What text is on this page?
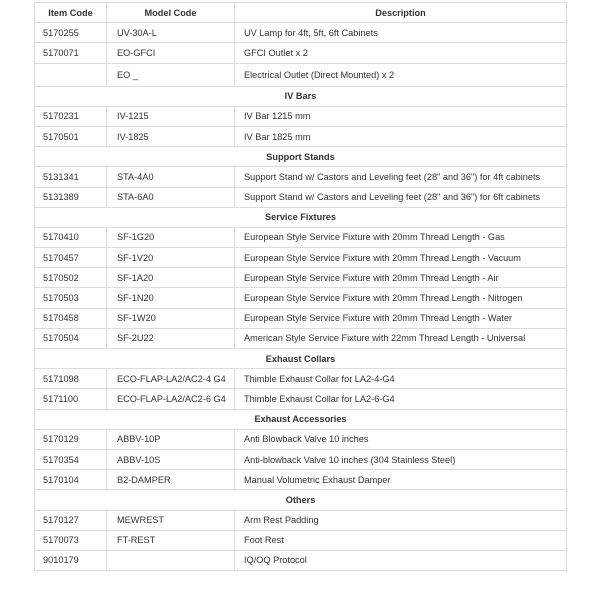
Item Code	Model Code	Description
5170255	UV-30A-L	UV Lamp for 4ft, 5ft, 6ft Cabinets
5170071	EO-GFCI	GFCI Outlet x 2
	EO _	Electrical Outlet (Direct Mounted) x 2
IV Bars		
5170231	IV-1215	IV Bar 1215 mm
5170501	IV-1825	IV Bar 1825 mm
Support Stands		
5131341	STA-4A0	Support Stand w/ Castors and Leveling feet (28" and 36") for 4ft cabinets
5131389	STA-6A0	Support Stand w/ Castors and Leveling feet (28" and 36") for 6ft cabinets
Service Fixtures		
5170410	SF-1G20	European Style Service Fixture with 20mm Thread Length - Gas
5170457	SF-1V20	European Style Service Fixture with 20mm Thread Length - Vacuum
5170502	SF-1A20	European Style Service Fixture with 20mm Thread Length - Air
5170503	SF-1N20	European Style Service Fixture with 20mm Thread Length - Nitrogen
5170458	SF-1W20	European Style Service Fixture with 20mm Thread Length - Water
5170504	SF-2U22	American Style Service Fixture with 22mm Thread Length - Universal
Exhaust Collars		
5171098	ECO-FLAP-LA2/AC2-4 G4	Thimble Exhaust Collar for LA2-4-G4
5171100	ECO-FLAP-LA2/AC2-6 G4	Thimble Exhaust Collar for LA2-6-G4
Exhaust Accessories		
5170129	ABBV-10P	Anti Blowback Valve 10 inches
5170354	ABBV-10S	Anti-blowback Valve 10 inches (304 Stainless Steel)
5170104	B2-DAMPER	Manual Volumetric Exhaust Damper
Others		
5170127	MEWREST	Arm Rest Padding
5170073	FT-REST	Foot Rest
9010179		IQ/OQ Protocol
